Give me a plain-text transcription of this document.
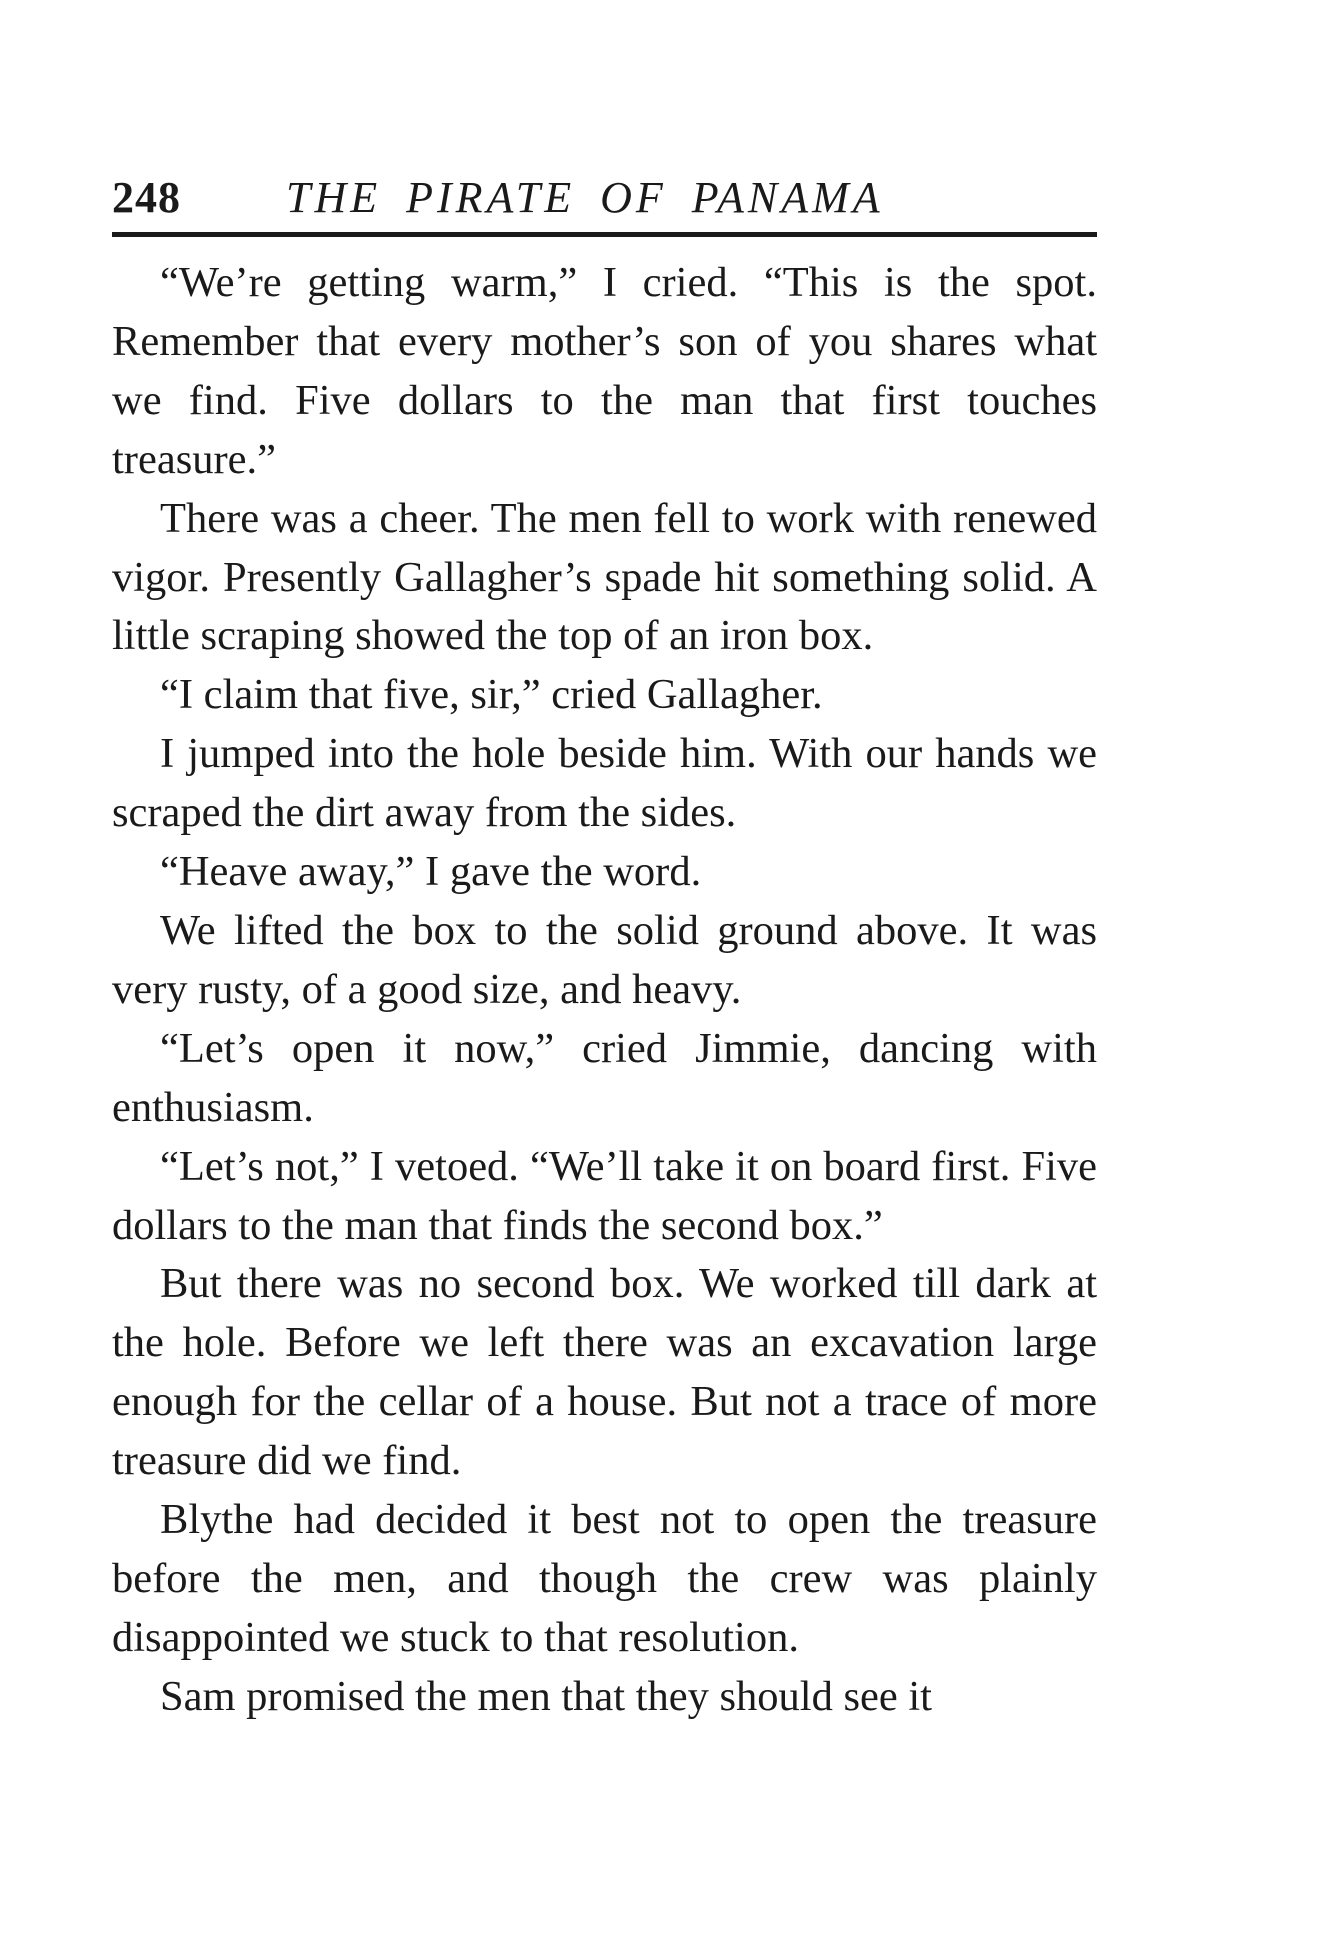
248 THE PIRATE OF PANAMA

“We’re getting warm,” I cried. “This is the spot. Remember that every mother’s son of you shares what we find. Five dollars to the man that first touches treasure.”

There was a cheer. The men fell to work with renewed vigor. Presently Gallagher’s spade hit something solid. A little scraping showed the top of an iron box.

“I claim that five, sir,” cried Gallagher.

I jumped into the hole beside him. With our hands we scraped the dirt away from the sides.

“Heave away,” I gave the word.

We lifted the box to the solid ground above. It was very rusty, of a good size, and heavy.

“Let’s open it now,” cried Jimmie, dancing with enthusiasm.

“Let’s not,” I vetoed. “We’ll take it on board first. Five dollars to the man that finds the second box.”

But there was no second box. We worked till dark at the hole. Before we left there was an excavation large enough for the cellar of a house. But not a trace of more treasure did we find.

Blythe had decided it best not to open the treasure before the men, and though the crew was plainly disappointed we stuck to that resolution.

Sam promised the men that they should see it
